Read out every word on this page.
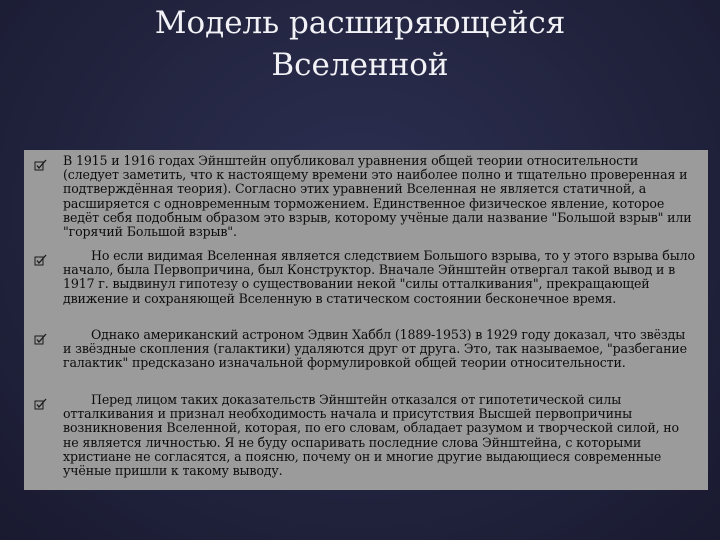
Модель расширяющейся
Вселенной

В 1915 и 1916 годах Эйнштейн опубликовал уравнения общей теории относительности (следует заметить, что к настоящему времени это наиболее полно и тщательно проверенная и подтверждённая теория). Согласно этих уравнений Вселенная не является статичной, а расширяется с одновременным торможением. Единственное физическое явление, которое ведёт себя подобным образом это взрыв, которому учёные дали название "Большой взрыв" или "горячий Большой взрыв".

Но если видимая Вселенная является следствием Большого взрыва, то у этого взрыва было начало, была Первопричина, был Конструктор. Вначале Эйнштейн отвергал такой вывод и в 1917 г. выдвинул гипотезу о существовании некой "силы отталкивания", прекращающей движение и сохраняющей Вселенную в статическом состоянии бесконечное время.

Однако американский астроном Эдвин Хаббл (1889-1953) в 1929 году доказал, что звёзды и звёздные скопления (галактики) удаляются друг от друга. Это, так называемое, "разбегание галактик" предсказано изначальной формулировкой общей теории относительности.

Перед лицом таких доказательств Эйнштейн отказался от гипотетической силы отталкивания и признал необходимость начала и присутствия Высшей первопричины возникновения Вселенной, которая, по его словам, обладает разумом и творческой силой, но не является личностью. Я не буду оспаривать последние слова Эйнштейна, с которыми христиане не согласятся, а поясню, почему он и многие другие выдающиеся современные учёные пришли к такому выводу.
